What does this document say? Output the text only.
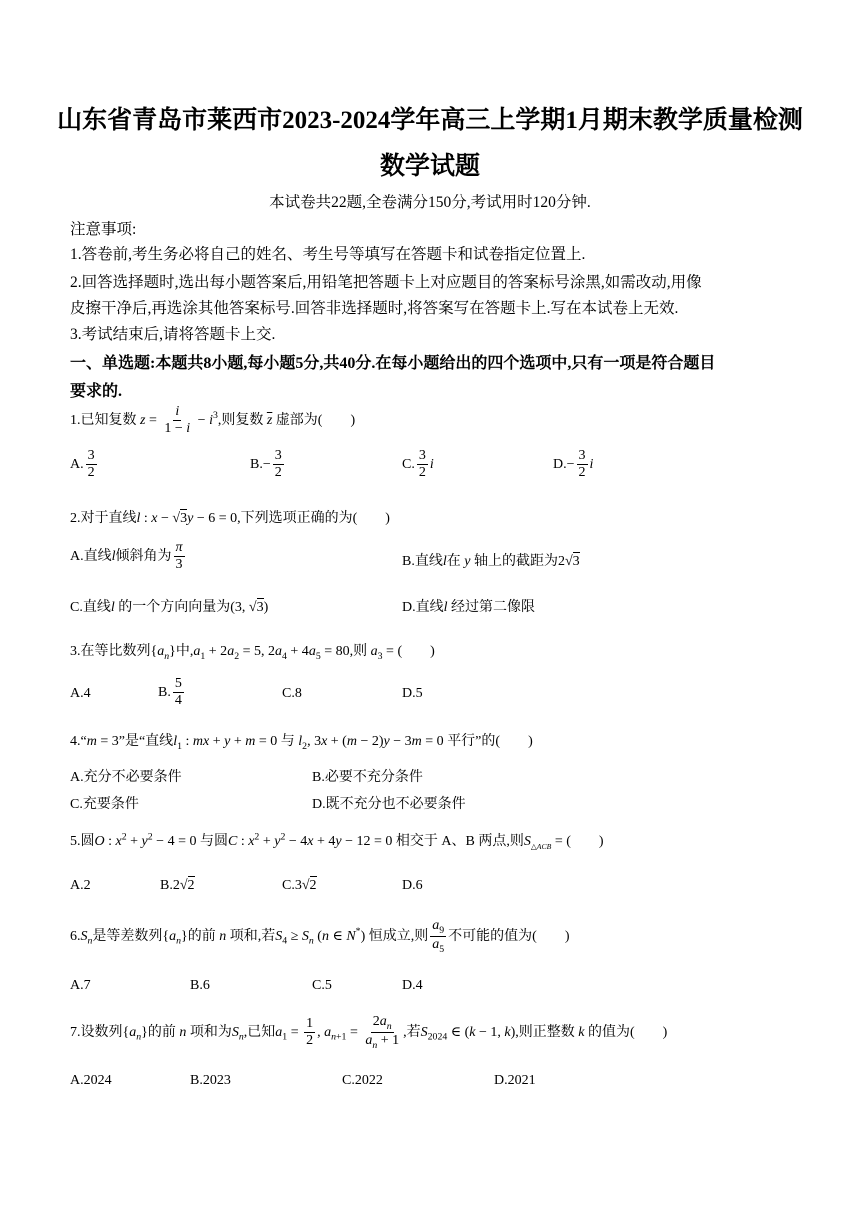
山东省青岛市莱西市2023-2024学年高三上学期1月期末教学质量检测
数学试题
本试卷共22题,全卷满分150分,考试用时120分钟.
注意事项:
1.答卷前,考生务必将自己的姓名、考生号等填写在答题卡和试卷指定位置上.
2.回答选择题时,选出每小题答案后,用铅笔把答题卡上对应题目的答案标号涂黑,如需改动,用像
皮擦干净后,再选涂其他答案标号.回答非选择题时,将答案写在答题卡上.写在本试卷上无效.
3.考试结束后,请将答题卡上交.
一、单选题:本题共8小题,每小题5分,共40分.在每小题给出的四个选项中,只有一项是符合题目
要求的.
1.已知复数 $z = \frac{i}{1 - i} - i^3$,则复数 $\overline{z}$ 虚部为(　　)
A. $\frac{3}{2}$	$B.- \frac{3}{2}$	C. $\frac{3}{2}$ i	$D.- \frac{3}{2}$ i
2.对于直线l : x − √3y − 6 = 0,下列选项正确的为(　　)
A.直线l倾斜角为 $\frac{\pi}{3}$	B.直线l在 y 轴上的截距为2√3
C.直线l 的一个方向向量为(3, √3)	D.直线l 经过第二像限
3.在等比数列$\{a_n\}$中$,a_1 + 2a_2 = 5$, $2a_4 + 4a_5 = 80$,则 $a_3$ = (　　)
A.4	B. $\frac{5}{4}$	C.8	D.5
4.“m = 3”是“直线$l_1$ : mx + y + m = 0 与 $l_2$, 3x + (m − 2)y − 3m = 0 平行”的(　　)
A.充分不必要条件	B.必要不充分条件
C.充要条件	D.既不充分也不必要条件
5.圆O : $x^2 + y^2 - 4 = 0$ 与圆C : $x^2 + y^2 - 4x + 4y - 12 = 0$ 相交于 A、B 两点,则$S_{\triangle ACB}$ = (　　)
A.2	B.2√2	C.3√2	D.6
$6.S_n$是等差数列$\{a_n\}$的前 n 项和,若$S_4 \ge S_n$ (n ∈ N*) 恒成立,则 $\frac{a_9}{a_5}$ 不可能的值为(　　)
A.7	B.6	C.5	D.4
7.设数列$\{a_n\}$的前 n 项和为$S_n$,已知$a_1 = \frac{1}{2}$ , $a_{n+1} = \frac{2a_n}{a_n + 1}$ ,若$S_{2024}$ ∈ (k − 1, k),则正整数 k 的值为(　　)
A.2024	B.2023	C.2022	D.2021
